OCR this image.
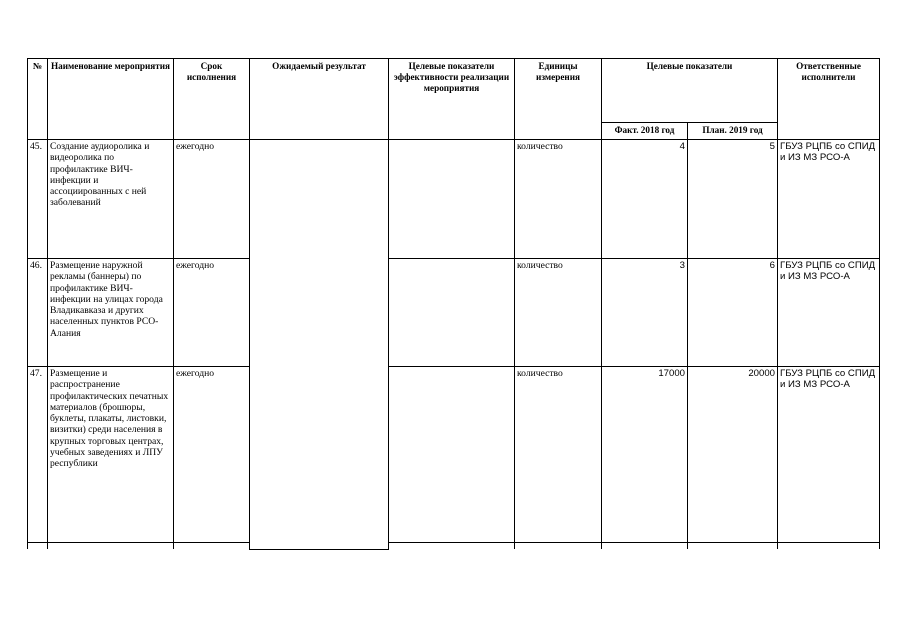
№	Наименование мероприятия	Срок исполнения	Ожидаемый результат	Целевые показатели эффективности реализации мероприятия	Единицы измерения	Целевые показатели		Ответственные исполнители
						Факт. 2018 год	План. 2019 год	
45.	Создание аудиоролика и видеоролика по профилактике ВИЧ-инфекции и ассоциированных с ней заболеваний	ежегодно			количество	4	5	ГБУЗ РЦПБ со СПИД и ИЗ МЗ РСО-А
46.	Размещение наружной рекламы (баннеры) по профилактике ВИЧ-инфекции на улицах города Владикавказа и других населенных пунктов РСО-Алания	ежегодно			количество	3	6	ГБУЗ РЦПБ со СПИД и ИЗ МЗ РСО-А
47.	Размещение и распространение профилактических печатных материалов (брошюры, буклеты, плакаты, листовки, визитки) среди населения в крупных торговых центрах, учебных заведениях и ЛПУ республики	ежегодно			количество	17000	20000	ГБУЗ РЦПБ со СПИД и ИЗ МЗ РСО-А
